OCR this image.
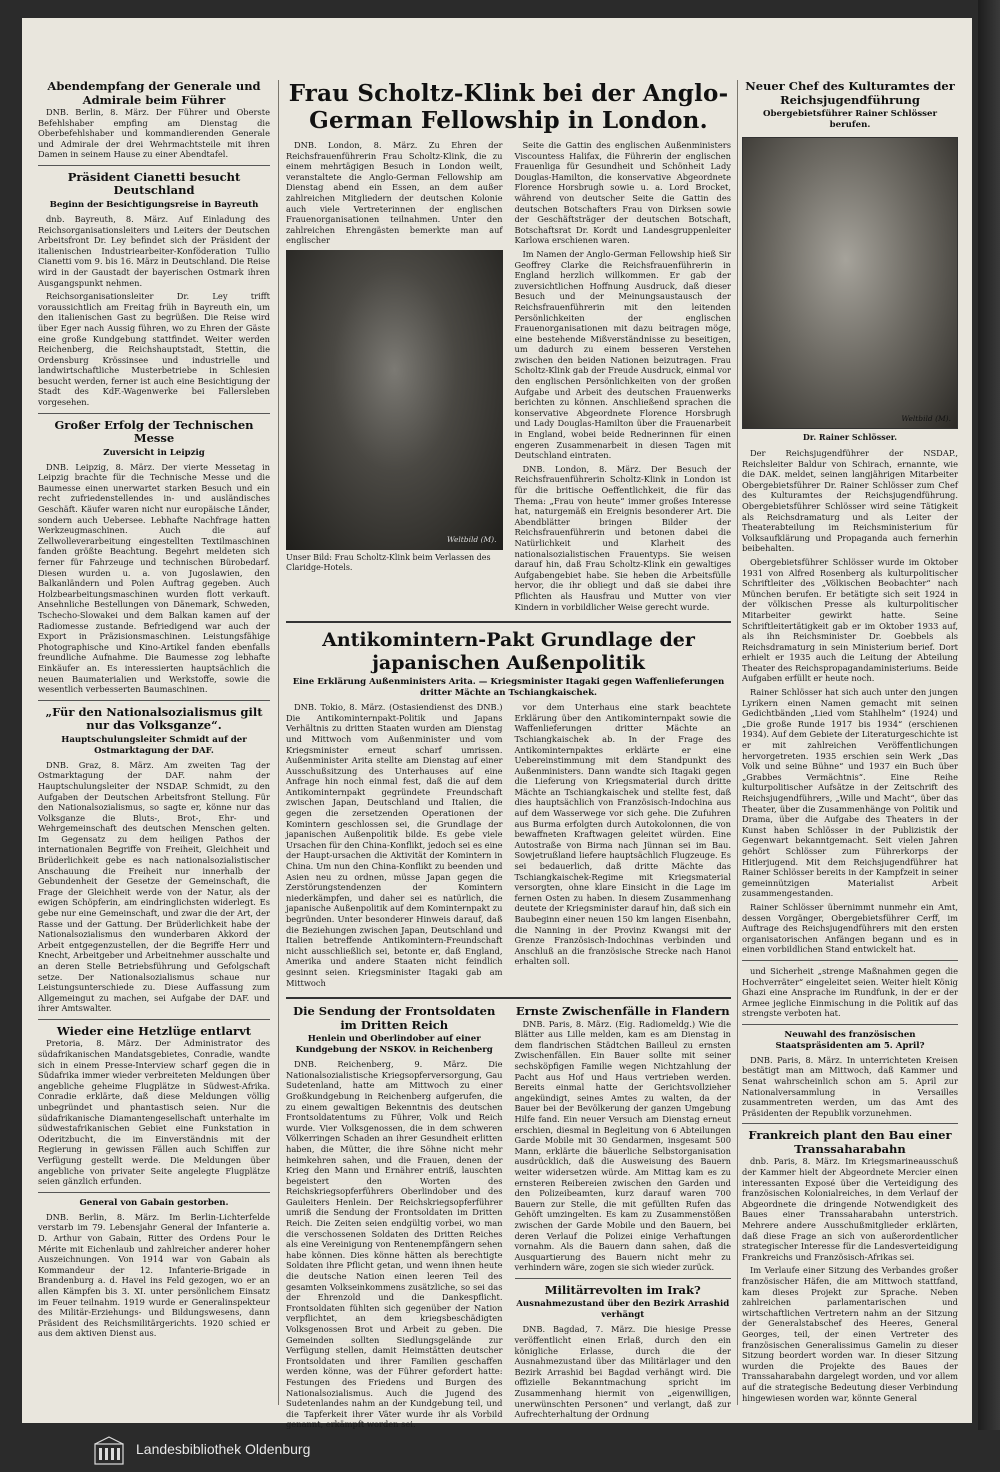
Abendempfang der Generale und Admirale beim Führer

DNB. Berlin, 8. März. Der Führer und Oberste Befehlshaber empfing am Dienstag die Oberbefehlshaber und kommandierenden Generale und Admirale der drei Wehrmachtsteile mit ihren Damen in seinem Hause zu einer Abendtafel.

Präsident Cianetti besucht Deutschland
Beginn der Besichtigungsreise in Bayreuth

dnb. Bayreuth, 8. März. Auf Einladung des Reichsorganisationsleiters und Leiters der Deutschen Arbeitsfront Dr. Ley befindet sich der Präsident der italienischen Industriearbeiter-Konföderation Tullio Cianetti vom 9. bis 16. März in Deutschland. Die Reise wird in der Gaustadt der bayerischen Ostmark ihren Ausgangspunkt nehmen.

Reichsorganisationsleiter Dr. Ley trifft voraussichtlich am Freitag früh in Bayreuth ein, um den italienischen Gast zu begrüßen. Die Reise wird über Eger nach Aussig führen, wo zu Ehren der Gäste eine große Kundgebung stattfindet. Weiter werden Reichenberg, die Reichshauptstadt, Stettin, die Ordensburg Krössinsee und industrielle und landwirtschaftliche Musterbetriebe in Schlesien besucht werden, ferner ist auch eine Besichtigung der Stadt des KdF.-Wagenwerke bei Fallersleben vorgesehen.

Großer Erfolg der Technischen Messe
Zuversicht in Leipzig

DNB. Leipzig, 8. März. Der vierte Messetag in Leipzig brachte für die Technische Messe und die Baumesse einen unerwartet starken Besuch und ein recht zufriedenstellendes in- und ausländisches Geschäft. Käufer waren nicht nur europäische Länder, sondern auch Uebersee. Lebhafte Nachfrage hatten Werkzeugmaschinen. Auch die auf Zellwolleverarbeitung eingestellten Textilmaschinen fanden größte Beachtung. Begehrt meldeten sich ferner für Fahrzeuge und technischen Bürobedarf. Diesen wurden u. a. von Jugoslawien, den Balkanländern und Polen Auftrag gegeben. Auch Holzbearbeitungsmaschinen wurden flott verkauft. Ansehnliche Bestellungen von Dänemark, Schweden, Tschecho-Slowakei und dem Balkan kamen auf der Radiomesse zustande. Befriedigend war auch der Export in Präzisionsmaschinen. Leistungsfähige Photographische und Kino-Artikel fanden ebenfalls freundliche Aufnahme. Die Baumesse zog lebhafte Einkäufer an. Es interessierten hauptsächlich die neuen Baumaterialien und Werkstoffe, sowie die wesentlich verbesserten Baumaschinen.

„Für den Nationalsozialismus gilt nur das Volksganze“.
Hauptschulungsleiter Schmidt auf der Ostmarktagung der DAF.

DNB. Graz, 8. März. Am zweiten Tag der Ostmarktagung der DAF. nahm der Hauptschulungsleiter der NSDAP. Schmidt, zu den Aufgaben der Deutschen Arbeitsfront Stellung. Für den Nationalsozialismus, so sagte er, könne nur das Volksganze die Bluts-, Brot-, Ehr- und Wehrgemeinschaft des deutschen Menschen gelten. Im Gegensatz zu dem heiligen Pathos der internationalen Begriffe von Freiheit, Gleichheit und Brüderlichkeit gebe es nach nationalsozialistischer Anschauung die Freiheit nur innerhalb der Gebundenheit der Gesetze der Gemeinschaft, die Frage der Gleichheit werde von der Natur, als der ewigen Schöpferin, am eindringlichsten widerlegt. Es gebe nur eine Gemeinschaft, und zwar die der Art, der Rasse und der Gattung. Der Brüderlichkeit habe der Nationalsozialismus den wunderbaren Akkord der Arbeit entgegenzustellen, der die Begriffe Herr und Knecht, Arbeitgeber und Arbeitnehmer ausschalte und an deren Stelle Betriebsführung und Gefolgschaft setze. Der Nationalsozialismus schaue nur Leistungsunterschiede zu. Diese Auffassung zum Allgemeingut zu machen, sei Aufgabe der DAF. und ihrer Amtswalter.

Wieder eine Hetzlüge entlarvt

Pretoria, 8. März. Der Administrator des südafrikanischen Mandatsgebietes, Conradie, wandte sich in einem Presse-Interview scharf gegen die in Südafrika immer wieder verbreiteten Meldungen über angebliche geheime Flugplätze in Südwest-Afrika. Conradie erklärte, daß diese Meldungen völlig unbegründet und phantastisch seien. Nur die südafrikanische Diamantengesellschaft unterhalte im südwestafrikanischen Gebiet eine Funkstation in Oderitzbucht, die im Einverständnis mit der Regierung in gewissen Fällen auch Schiffen zur Verfügung gestellt werde. Die Meldungen über angebliche von privater Seite angelegte Flugplätze seien gänzlich erfunden.

General von Gabain gestorben.

DNB. Berlin, 8. März. Im Berlin-Lichterfelde verstarb im 79. Lebensjahr General der Infanterie a. D. Arthur von Gabain, Ritter des Ordens Pour le Mérite mit Eichenlaub und zahlreicher anderer hoher Auszeichnungen. Von 1914 war von Gabain als Kommandeur der 12. Infanterie-Brigade in Brandenburg a. d. Havel ins Feld gezogen, wo er an allen Kämpfen bis 3. XI. unter persönlichem Einsatz im Feuer teilnahm. 1919 wurde er Generalinspekteur des Militär-Erziehungs- und Bildungswesens, dann Präsident des Reichsmilitärgerichts. 1920 schied er aus dem aktiven Dienst aus.

Frau Scholtz-Klink bei der Anglo-German Fellowship in London.

DNB. London, 8. März. Zu Ehren der Reichsfrauenführerin Frau Scholtz-Klink, die zu einem mehrtägigen Besuch in London weilt, veranstaltete die Anglo-German Fellowship am Dienstag abend ein Essen, an dem außer zahlreichen Mitgliedern der deutschen Kolonie auch viele Vertreterinnen der englischen Frauenorganisationen teilnahmen. Unter den zahlreichen Ehrengästen bemerkte man auf englischer

Weltbild (M).
Unser Bild: Frau Scholtz-Klink beim Verlassen des Claridge-Hotels.

Seite die Gattin des englischen Außenministers Viscountess Halifax, die Führerin der englischen Frauenliga für Gesundheit und Schönheit Lady Douglas-Hamilton, die konservative Abgeordnete Florence Horsbrugh sowie u. a. Lord Brocket, während von deutscher Seite die Gattin des deutschen Botschafters Frau von Dirksen sowie der Geschäftsträger der deutschen Botschaft, Botschaftsrat Dr. Kordt und Landesgruppenleiter Karlowa erschienen waren.

Im Namen der Anglo-German Fellowship hieß Sir Geoffrey Clarke die Reichsfrauenführerin in England herzlich willkommen. Er gab der zuversichtlichen Hoffnung Ausdruck, daß dieser Besuch und der Meinungsaustausch der Reichsfrauenführerin mit den leitenden Persönlichkeiten der englischen Frauenorganisationen mit dazu beitragen möge, eine bestehende Mißverständnisse zu beseitigen, um dadurch zu einem besseren Verstehen zwischen den beiden Nationen beizutragen. Frau Scholtz-Klink gab der Freude Ausdruck, einmal vor den englischen Persönlichkeiten von der großen Aufgabe und Arbeit des deutschen Frauenwerks berichten zu können. Anschließend sprachen die konservative Abgeordnete Florence Horsbrugh und Lady Douglas-Hamilton über die Frauenarbeit in England, wobei beide Rednerinnen für einen engeren Zusammenarbeit in diesen Tagen mit Deutschland eintraten.

DNB. London, 8. März. Der Besuch der Reichsfrauenführerin Scholtz-Klink in London ist für die britische Oeffentlichkeit, die für das Thema: „Frau von heute“ immer großes Interesse hat, naturgemäß ein Ereignis besonderer Art. Die Abendblätter bringen Bilder der Reichsfrauenführerin und betonen dabei die Natürlichkeit und Klarheit des nationalsozialistischen Frauentyps. Sie weisen darauf hin, daß Frau Scholtz-Klink ein gewaltiges Aufgabengebiet habe. Sie heben die Arbeitsfülle hervor, die ihr obliegt und daß sie dabei ihre Pflichten als Hausfrau und Mutter von vier Kindern in vorbildlicher Weise gerecht wurde.

Antikomintern-Pakt Grundlage der japanischen Außenpolitik
Eine Erklärung Außenministers Arita. — Kriegsminister Itagaki gegen Waffenlieferungen dritter Mächte an Tschiangkaischek.

DNB. Tokio, 8. März. (Ostasiendienst des DNB.) Die Antikominternpakt-Politik und Japans Verhältnis zu dritten Staaten wurden am Dienstag und Mittwoch vom Außenminister und vom Kriegsminister erneut scharf umrissen. Außenminister Arita stellte am Dienstag auf einer Ausschußsitzung des Unterhauses auf eine Anfrage hin noch einmal fest, daß die auf dem Antikominternpakt gegründete Freundschaft zwischen Japan, Deutschland und Italien, die gegen die zersetzenden Operationen der Komintern geschlossen sei, die Grundlage der japanischen Außenpolitik bilde. Es gebe viele Ursachen für den China-Konflikt, jedoch sei es eine der Haupt-ursachen die Aktivität der Komintern in China. Um nun den China-Konflikt zu beenden und Asien neu zu ordnen, müsse Japan gegen die Zerstörungstendenzen der Komintern niederkämpfen, und daher sei es natürlich, die japanische Außenpolitik auf dem Kominternpakt zu begründen. Unter besonderer Hinweis darauf, daß die Beziehungen zwischen Japan, Deutschland und Italien betreffende Antikomintern-Freundschaft nicht ausschließlich sei, betonte er, daß England, Amerika und andere Staaten nicht feindlich gesinnt seien. Kriegsminister Itagaki gab am Mittwoch

vor dem Unterhaus eine stark beachtete Erklärung über den Antikominternpakt sowie die Waffenlieferungen dritter Mächte an Tschiangkaischek ab. In der Frage des Antikominternpaktes erklärte er eine Uebereinstimmung mit dem Standpunkt des Außenministers. Dann wandte sich Itagaki gegen die Lieferung von Kriegsmaterial durch dritte Mächte an Tschiangkaischek und stellte fest, daß dies hauptsächlich von Französisch-Indochina aus auf dem Wasserwege vor sich gehe. Die Zufuhren aus Burma erfolgten durch Autokolonnen, die von bewaffneten Kraftwagen geleitet würden. Eine Autostraße von Birma nach Jünnan sei im Bau. Sowjetrußland liefere hauptsächlich Flugzeuge. Es sei bedauerlich, daß dritte Mächte das Tschiangkaischek-Regime mit Kriegsmaterial versorgten, ohne klare Einsicht in die Lage im fernen Osten zu haben. In diesem Zusammenhang deutete der Kriegsminister darauf hin, daß sich ein Baubeginn einer neuen 150 km langen Eisenbahn, die Nanning in der Provinz Kwangsi mit der Grenze Französisch-Indochinas verbinden und Anschluß an die französische Strecke nach Hanoi erhalten soll.

Die Sendung der Frontsoldaten im Dritten Reich
Henlein und Oberlindober auf einer Kundgebung der NSKOV. in Reichenberg

DNB. Reichenberg, 9. März. Die Nationalsozialistische Kriegsopferversorgung, Gau Sudetenland, hatte am Mittwoch zu einer Großkundgebung in Reichenberg aufgerufen, die zu einem gewaltigen Bekenntnis des deutschen Frontsoldatentums zu Führer, Volk und Reich wurde. Vier Volksgenossen, die in dem schweren Völkerringen Schaden an ihrer Gesundheit erlitten haben, die Mütter, die ihre Söhne nicht mehr heimkehren sahen, und die Frauen, denen der Krieg den Mann und Ernährer entriß, lauschten begeistert den Worten des Reichskriegsopferführers Oberlindober und des Gauleiters Henlein. Der Reichskriegsopferführer umriß die Sendung der Frontsoldaten im Dritten Reich. Die Zeiten seien endgültig vorbei, wo man die verschossenen Soldaten des Dritten Reiches als eine Vereinigung von Rentenempfängern sehen habe können. Dies könne hätten als berechtigte Soldaten ihre Pflicht getan, und wenn ihnen heute die deutsche Nation einen leeren Teil des gesamten Volkseinkommens zusätzliche, so sei das der Ehrenzold und die Dankespflicht. Frontsoldaten fühlten sich gegenüber der Nation verpflichtet, an dem kriegsbeschädigten Volksgenossen Brot und Arbeit zu geben. Die Gemeinden sollten Siedlungsgelände zur Verfügung stellen, damit Heimstätten deutscher Frontsoldaten und ihrer Familien geschaffen werden könne, was der Führer gefordert hatte: Festungen des Friedens und Burgen des Nationalsozialismus. Auch die Jugend des Sudetenlandes nahm an der Kundgebung teil, und die Tapferkeit ihrer Väter wurde ihr als Vorbild genannt, erkämpft worden sei.

Ernste Zwischenfälle in Flandern

DNB. Paris, 8. März. (Eig. Radiomeldg.) Wie die Blätter aus Lille melden, kam es am Dienstag in dem flandrischen Städtchen Bailleul zu ernsten Zwischenfällen. Ein Bauer sollte mit seiner sechsköpfigen Familie wegen Nichtzahlung der Pacht aus Hof und Haus vertrieben werden. Bereits einmal hatte der Gerichtsvollzieher angekündigt, seines Amtes zu walten, da der Bauer bei der Bevölkerung der ganzen Umgebung Hilfe fand. Ein neuer Versuch am Dienstag erneut erschien, diesmal in Begleitung von 6 Abteilungen Garde Mobile mit 30 Gendarmen, insgesamt 500 Mann, erklärte die bäuerliche Selbstorganisation ausdrücklich, daß die Ausweisung des Bauern weiter widersetzen würde. Am Mittag kam es zu ernsteren Reibereien zwischen den Garden und den Polizeibeamten, kurz darauf waren 700 Bauern zur Stelle, die mit gefüllten Rufen das Gehöft umzingelten. Es kam zu Zusammenstößen zwischen der Garde Mobile und den Bauern, bei deren Verlauf die Polizei einige Verhaftungen vornahm. Als die Bauern dann sahen, daß die Ausquartierung des Bauern nicht mehr zu verhindern wäre, zogen sie sich wieder zurück.

Militärrevolten im Irak?
Ausnahmezustand über den Bezirk Arrashid verhängt

DNB. Bagdad, 7. März. Die hiesige Presse veröffentlicht einen Erlaß, durch den ein königliche Erlasse, durch die der Ausnahmezustand über das Militärlager und den Bezirk Arrashid bei Bagdad verhängt wird. Die offizielle Bekanntmachung spricht im Zusammenhang hiermit von „eigenwilligen, unerwünschten Personen“ und verlangt, daß zur Aufrechterhaltung der Ordnung

Neuer Chef des Kulturamtes der Reichsjugendführung
Obergebietsführer Rainer Schlösser berufen.
Weltbild (M).
Dr. Rainer Schlösser.

Der Reichsjugendführer der NSDAP., Reichsleiter Baldur von Schirach, ernannte, wie die DAK. meldet, seinen langjährigen Mitarbeiter Obergebietsführer Dr. Rainer Schlösser zum Chef des Kulturamtes der Reichsjugendführung. Obergebietsführer Schlösser wird seine Tätigkeit als Reichsdramaturg und als Leiter der Theaterabteilung im Reichsministerium für Volksaufklärung und Propaganda auch fernerhin beibehalten.

Obergebietsführer Schlösser wurde im Oktober 1931 von Alfred Rosenberg als kulturpolitischer Schriftleiter des „Völkischen Beobachter“ nach München berufen. Er betätigte sich seit 1924 in der völkischen Presse als kulturpolitischer Mitarbeiter gewirkt hatte. Seine Schriftleitertätigkeit gab er im Oktober 1933 auf, als ihn Reichsminister Dr. Goebbels als Reichsdramaturg in sein Ministerium berief. Dort erhielt er 1935 auch die Leitung der Abteilung Theater des Reichspropagandaministeriums. Beide Aufgaben erfüllt er heute noch.

Rainer Schlösser hat sich auch unter den jungen Lyrikern einen Namen gemacht mit seinen Gedichtbänden „Lied vom Stahlhelm“ (1924) und „Die große Runde 1917 bis 1934“ (erschienen 1934). Auf dem Gebiete der Literaturgeschichte ist er mit zahlreichen Veröffentlichungen hervorgetreten. 1935 erschien sein Werk „Das Volk und seine Bühne“ und 1937 ein Buch über „Grabbes Vermächtnis“. Eine Reihe kulturpolitischer Aufsätze in der Zeitschrift des Reichsjugendführers, „Wille und Macht“, über das Theater, über die Zusammenhänge von Politik und Drama, über die Aufgabe des Theaters in der Kunst haben Schlösser in der Publizistik der Gegenwart bekanntgemacht. Seit vielen Jahren gehört Schlösser zum Führerkorps der Hitlerjugend. Mit dem Reichsjugendführer hat Rainer Schlösser bereits in der Kampfzeit in seiner gemeinnützigen Materialist Arbeit zusammengestanden.

Rainer Schlösser übernimmt nunmehr ein Amt, dessen Vorgänger, Obergebietsführer Cerff, im Auftrage des Reichsjugendführers mit den ersten organisatorischen Anfängen begann und es in einen vorbildlichen Stand entwickelt hat.

und Sicherheit „strenge Maßnahmen gegen die Hochverräter“ eingeleitet seien. Weiter hielt König Ghazi eine Ansprache im Rundfunk, in der er der Armee jegliche Einmischung in die Politik auf das strengste verboten hat.

Neuwahl des französischen Staatspräsidenten am 5. April?

DNB. Paris, 8. März. In unterrichteten Kreisen bestätigt man am Mittwoch, daß Kammer und Senat wahrscheinlich schon am 5. April zur Nationalversammlung in Versailles zusammentreten werden, um das Amt des Präsidenten der Republik vorzunehmen.

Frankreich plant den Bau einer Transsaharabahn

dnb. Paris, 8. März. Im Kriegsmarineausschuß der Kammer hielt der Abgeordnete Mercier einen interessanten Exposé über die Verteidigung des französischen Kolonialreiches, in dem Verlauf der Abgeordnete die dringende Notwendigkeit des Baues einer Transsaharabahn unterstrich. Mehrere andere Ausschußmitglieder erklärten, daß diese Frage an sich von außerordentlicher strategischer Interesse für die Landesverteidigung Frankreichs und Französisch-Afrikas sei.

Im Verlaufe einer Sitzung des Verbandes großer französischer Häfen, die am Mittwoch stattfand, kam dieses Projekt zur Sprache. Neben zahlreichen parlamentarischen und wirtschaftlichen Vertretern nahm an der Sitzung der Generalstabschef des Heeres, General Georges, teil, der einen Vertreter des französischen Generalissimus Gamelin zu dieser Sitzung beordert worden war. In dieser Sitzung wurden die Projekte des Baues der Transsaharabahn dargelegt worden, und vor allem auf die strategische Bedeutung dieser Verbindung hingewiesen worden war, könnte General

Landesbibliothek Oldenburg
